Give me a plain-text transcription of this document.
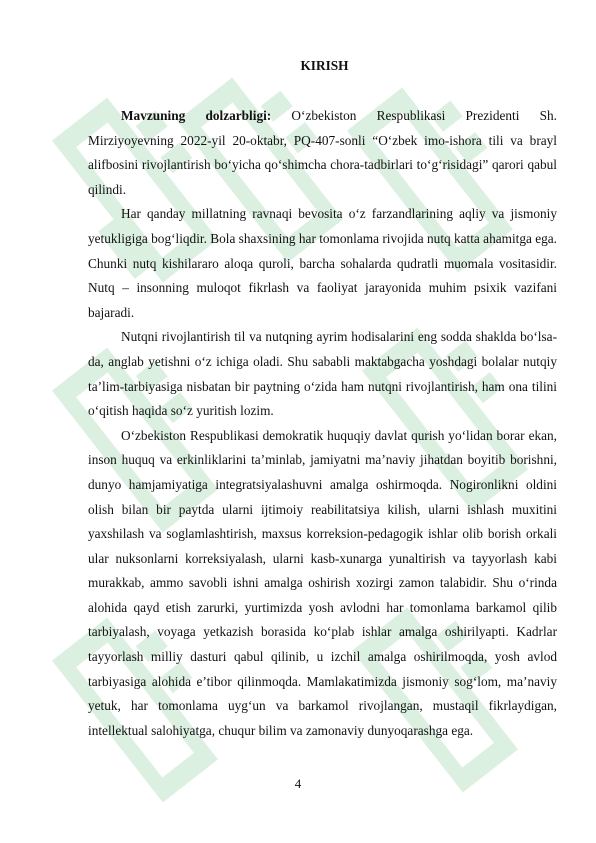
KIRISH

Mavzuning dolzarbligi: O‘zbekiston Respublikasi Prezidenti Sh. Mirziyoyevning 2022-yil 20-oktabr, PQ-407-sonli “O‘zbek imo-ishora tili va brayl alifbosini rivojlantirish bo‘yicha qo‘shimcha chora-tadbirlari to‘g‘risidagi” qarori qabul qilindi.

Har qanday millatning ravnaqi bevosita o‘z farzandlarining aqliy va jismoniy yetukligiga bog‘liqdir. Bola shaxsining har tomonlama rivojida nutq katta ahamitga ega. Chunki nutq kishilararo aloqa quroli, barcha sohalarda qudratli muomala vositasidir. Nutq – insonning muloqot fikrlash va faoliyat jarayonida muhim psixik vazifani bajaradi.

Nutqni rivojlantirish til va nutqning ayrim hodisalarini eng sodda shaklda bo‘lsa-da, anglab yetishni o‘z ichiga oladi. Shu sababli maktabgacha yoshdagi bolalar nutqiy ta’lim-tarbiyasiga nisbatan bir paytning o‘zida ham nutqni rivojlantirish, ham ona tilini o‘qitish haqida so‘z yuritish lozim.

O‘zbekiston Respublikasi demokratik huquqiy davlat qurish yo‘lidan borar ekan, inson huquq va erkinliklarini ta’minlab, jamiyatni ma’naviy jihatdan boyitib borishni, dunyo hamjamiyatiga integratsiyalashuvni amalga oshirmoqda. Nogironlikni oldini olish bilan bir paytda ularni ijtimoiy reabilitatsiya kilish, ularni ishlash muxitini yaxshilash va soglamlashtirish, maxsus korreksion-pedagogik ishlar olib borish orkali ular nuksonlarni korreksiyalash, ularni kasb-xunarga yunaltirish va tayyorlash kabi murakkab, ammo savobli ishni amalga oshirish xozirgi zamon talabidir. Shu o‘rinda alohida qayd etish zarurki, yurtimizda yosh avlodni har tomonlama barkamol qilib tarbiyalash, voyaga yetkazish borasida ko‘plab ishlar amalga oshirilyapti. Kadrlar tayyorlash milliy dasturi qabul qilinib, u izchil amalga oshirilmoqda, yosh avlod tarbiyasiga alohida e’tibor qilinmoqda. Mamlakatimizda jismoniy sog‘lom, ma’naviy yetuk, har tomonlama uyg‘un va barkamol rivojlangan, mustaqil fikrlaydigan, intellektual salohiyatga, chuqur bilim va zamonaviy dunyoqarashga ega.

4
